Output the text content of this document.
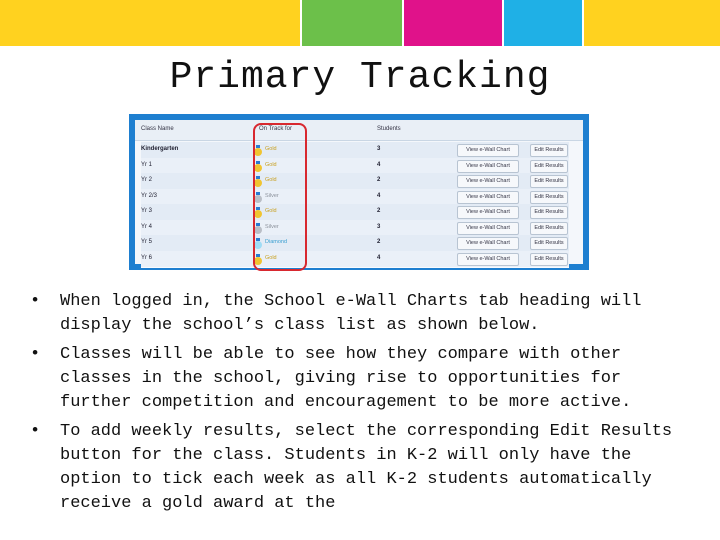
Primary Tracking
Class Name	On Track for	Students
Kindergarten	Gold	3	View e-Wall Chart	Edit Results
Yr 1	Gold	4	View e-Wall Chart	Edit Results
Yr 2	Gold	2	View e-Wall Chart	Edit Results
Yr 2/3	Silver	4	View e-Wall Chart	Edit Results
Yr 3	Gold	2	View e-Wall Chart	Edit Results
Yr 4	Silver	3	View e-Wall Chart	Edit Results
Yr 5	Diamond	2	View e-Wall Chart	Edit Results
Yr 6	Gold	4	View e-Wall Chart	Edit Results
• When logged in, the School e-Wall Charts tab heading will display the school’s class list as shown below.
• Classes will be able to see how they compare with other classes in the school, giving rise to opportunities for further competition and encouragement to be more active.
• To add weekly results, select the corresponding Edit Results button for the class. Students in K-2 will only have the option to tick each week as all K-2 students automatically receive a gold award at the
